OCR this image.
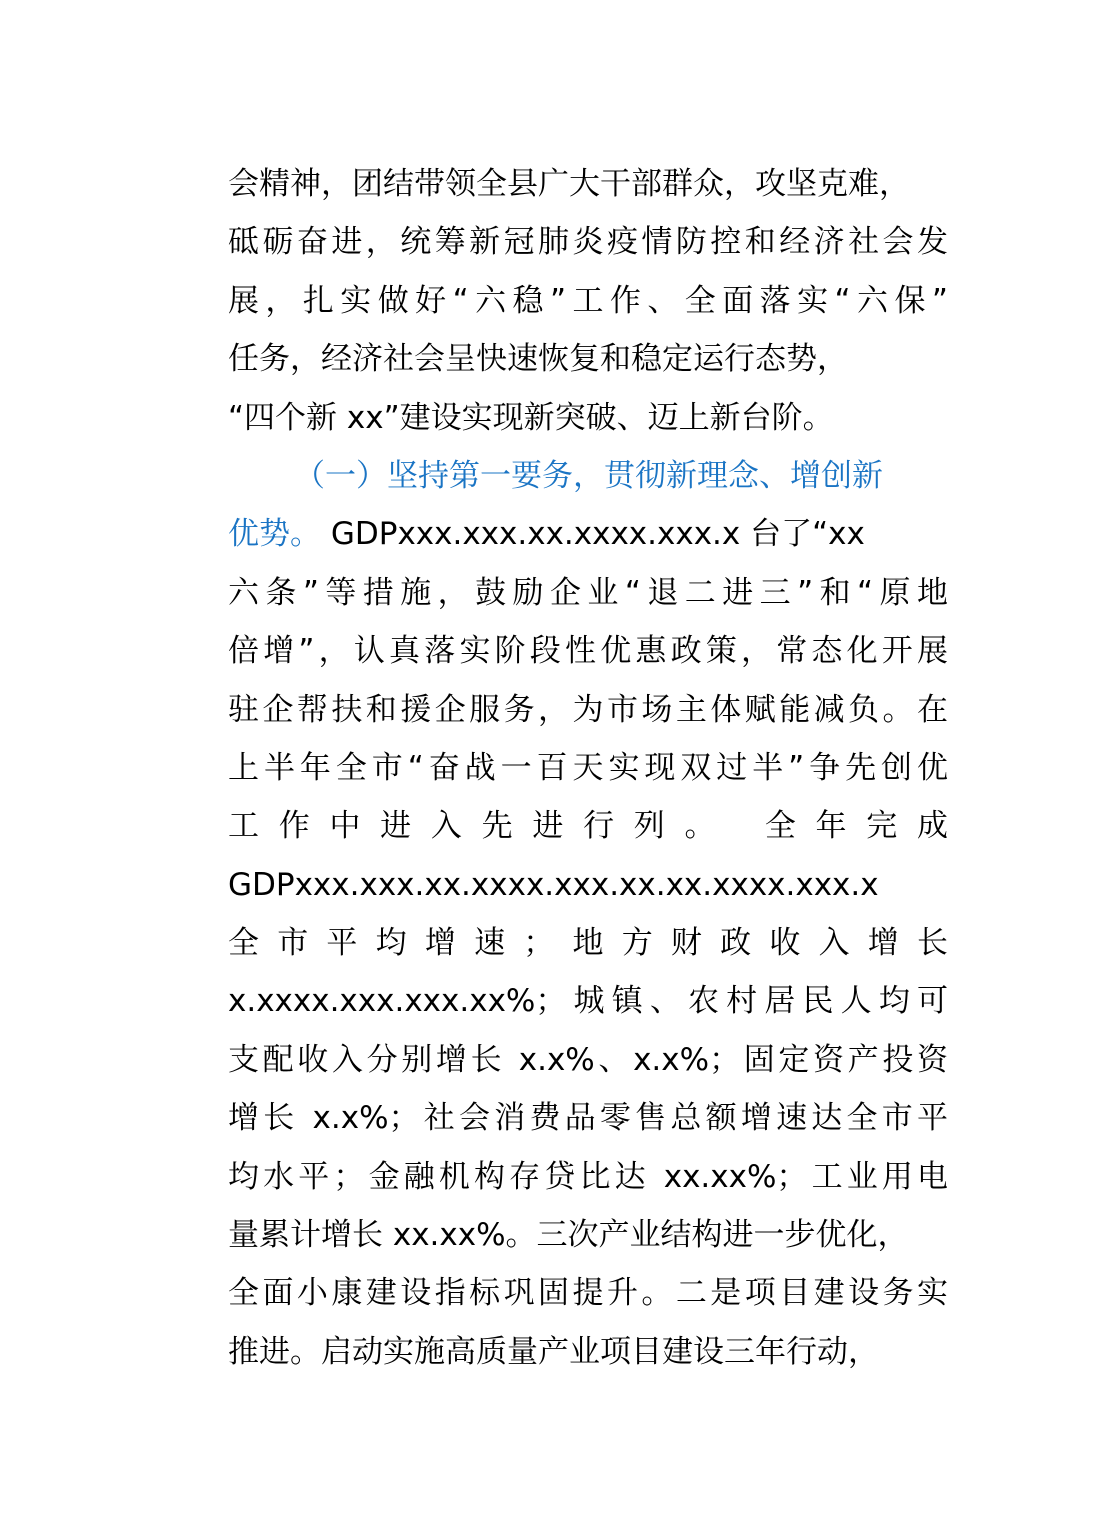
会精神，团结带领全县广大干部群众，攻坚克难，
砥砺奋进，统筹新冠肺炎疫情防控和经济社会发
展，扎实做好“六稳”工作、全面落实“六保”
任务，经济社会呈快速恢复和稳定运行态势，
“四个新 xx”建设实现新突破、迈上新台阶。
（一）坚持第一要务，贯彻新理念、增创新
优势。 GDPxxx.xxx.xx.xxxx.xxx.x 台了“xx
六条”等措施，鼓励企业“退二进三”和“原地
倍增”，认真落实阶段性优惠政策，常态化开展
驻企帮扶和援企服务，为市场主体赋能减负。在
上半年全市“奋战一百天实现双过半”争先创优
工作中进入先进行列。 全年完成
GDPxxx.xxx.xx.xxxx.xxx.xx.xx.xxxx.xxx.x
全市平均增速；地方财政收入增长
x.xxxx.xxx.xxx.xx%；城镇、农村居民人均可
支配收入分别增长 x.x%、x.x%；固定资产投资
增长 x.x%；社会消费品零售总额增速达全市平
均水平；金融机构存贷比达 xx.xx%；工业用电
量累计增长 xx.xx%。三次产业结构进一步优化，
全面小康建设指标巩固提升。二是项目建设务实
推进。启动实施高质量产业项目建设三年行动，
